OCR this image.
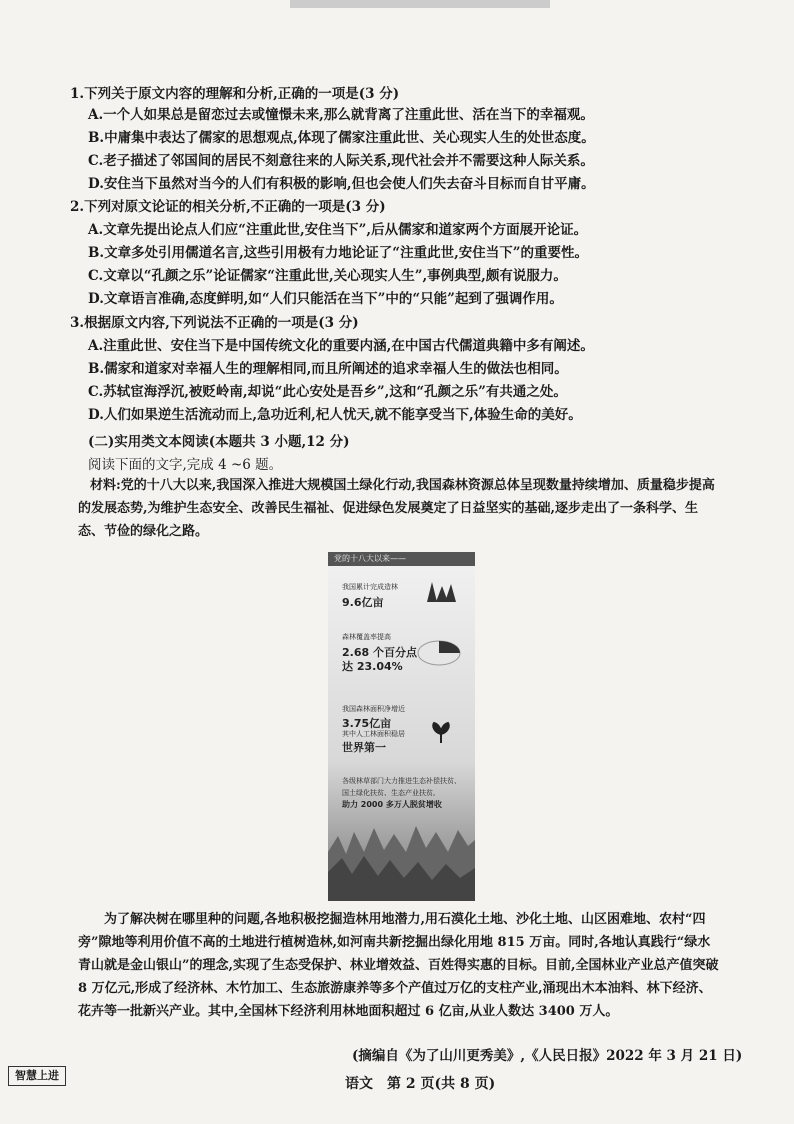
1.下列关于原文内容的理解和分析,正确的一项是(3 分)
A.一个人如果总是留恋过去或憧憬未来,那么就背离了注重此世、活在当下的幸福观。
B.中庸集中表达了儒家的思想观点,体现了儒家注重此世、关心现实人生的处世态度。
C.老子描述了邻国间的居民不刻意往来的人际关系,现代社会并不需要这种人际关系。
D.安住当下虽然对当今的人们有积极的影响,但也会使人们失去奋斗目标而自甘平庸。
2.下列对原文论证的相关分析,不正确的一项是(3 分)
A.文章先提出论点人们应“注重此世,安住当下”,后从儒家和道家两个方面展开论证。
B.文章多处引用儒道名言,这些引用极有力地论证了“注重此世,安住当下”的重要性。
C.文章以“孔颜之乐”论证儒家“注重此世,关心现实人生”,事例典型,颇有说服力。
D.文章语言准确,态度鲜明,如“人们只能活在当下”中的“只能”起到了强调作用。
3.根据原文内容,下列说法不正确的一项是(3 分)
A.注重此世、安住当下是中国传统文化的重要内涵,在中国古代儒道典籍中多有阐述。
B.儒家和道家对幸福人生的理解相同,而且所阐述的追求幸福人生的做法也相同。
C.苏轼宦海浮沉,被贬岭南,却说“此心安处是吾乡”,这和“孔颜之乐”有共通之处。
D.人们如果逆生活流动而上,急功近利,杞人忧天,就不能享受当下,体验生命的美好。
(二)实用类文本阅读(本题共 3 小题,12 分)
阅读下面的文字,完成 4 ~6 题。
材料:党的十八大以来,我国深入推进大规模国土绿化行动,我国森林资源总体呈现数量持续增加、质量稳步提高的发展态势,为维护生态安全、改善民生福祉、促进绿色发展奠定了日益坚实的基础,逐步走出了一条科学、生态、节俭的绿化之路。
党的十八大以来——
我国累计完成造林
9.6亿亩
森林覆盖率提高
2.68 个百分点
达 23.04%
我国森林面积净增近
3.75亿亩
其中人工林面积稳居
世界第一
各级林草部门大力推进生态补偿扶贫、
国土绿化扶贫、生态产业扶贫,
助力 2000 多万人脱贫增收
为了解决树在哪里种的问题,各地积极挖掘造林用地潜力,用石漠化土地、沙化土地、山区困难地、农村“四旁”隙地等利用价值不高的土地进行植树造林,如河南共新挖掘出绿化用地 815 万亩。同时,各地认真践行“绿水青山就是金山银山”的理念,实现了生态受保护、林业增效益、百姓得实惠的目标。目前,全国林业产业总产值突破 8 万亿元,形成了经济林、木竹加工、生态旅游康养等多个产值过万亿的支柱产业,涌现出木本油料、林下经济、花卉等一批新兴产业。其中,全国林下经济利用林地面积超过 6 亿亩,从业人数达 3400 万人。
(摘编自《为了山川更秀美》,《人民日报》2022 年 3 月 21 日)
智慧上进
语文　第 2 页(共 8 页)
